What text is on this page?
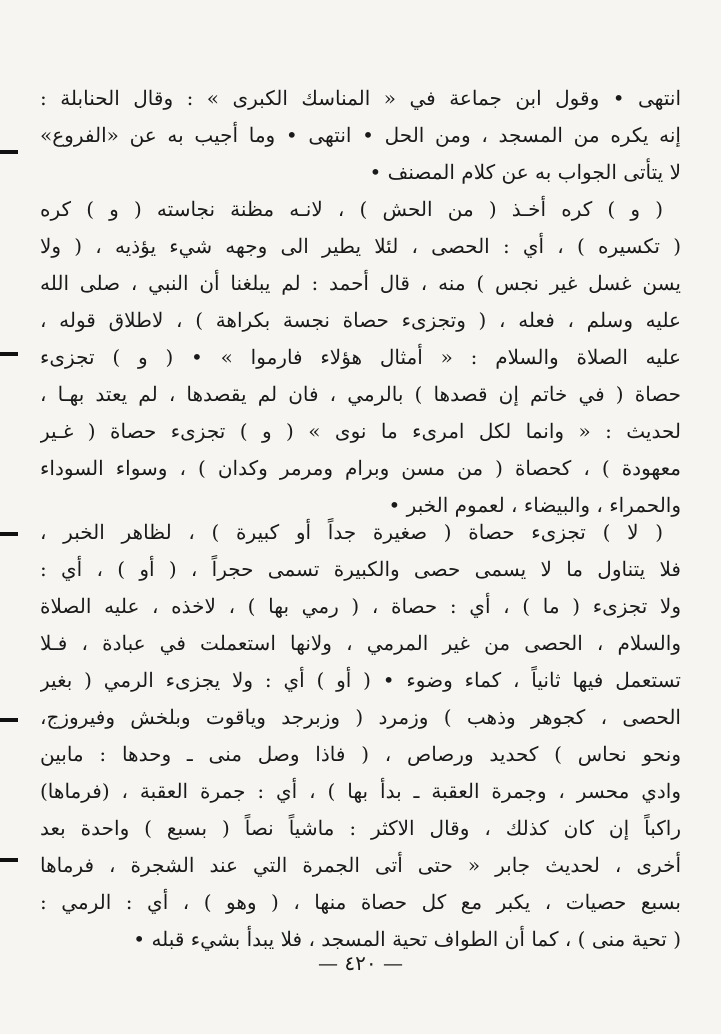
انتهى • وقول ابن جماعة في « المناسك الكبرى » : وقال الحنابلة :
إنه يكره من المسجد ، ومن الحل • انتهى • وما أجيب به عن «الفروع»
لا يتأتى الجواب به عن كلام المصنف •
( و ) كره أخـذ ( من الحش ) ، لانـه مظنة نجاسته ( و ) كره
( تكسيره ) ، أي : الحصى ، لئلا يطير الى وجهه شيء يؤذيه ، ( ولا
يسن غسل غير نجس ) منه ، قال أحمد : لم يبلغنا أن النبي ، صلى الله
عليه وسلم ، فعله ، ( وتجزىء حصاة نجسة بكراهة ) ، لاطلاق قوله ،
عليه الصلاة والسلام : « أمثال هؤلاء فارموا » • ( و ) تجزىء
حصاة ( في خاتم إن قصدها ) بالرمي ، فان لم يقصدها ، لم يعتد بهـا ،
لحديث : « وانما لكل امرىء ما نوى » ( و ) تجزىء حصاة ( غـير
معهودة ) ، كحصاة ( من مسن وبرام ومرمر وكدان ) ، وسواء السوداء
والحمراء ، والبيضاء ، لعموم الخبر •
( لا ) تجزىء حصاة ( صغيرة جداً أو كبيرة ) ، لظاهر الخبر ،
فلا يتناول ما لا يسمى حصى والكبيرة تسمى حجراً ، ( أو ) ، أي :
ولا تجزىء ( ما ) ، أي : حصاة ، ( رمي بها ) ، لاخذه ، عليه الصلاة
والسلام ، الحصى من غير المرمي ، ولانها استعملت في عبادة ، فـلا
تستعمل فيها ثانياً ، كماء وضوء • ( أو ) أي : ولا يجزىء الرمي ( بغير
الحصى ، كجوهر وذهب ) وزمرد ( وزبرجد وياقوت وبلخش وفيروزج،
ونحو نحاس ) كحديد ورصاص ، ( فاذا وصل منى ـ وحدها : مابين
وادي محسر ، وجمرة العقبة ـ بدأ بها ) ، أي : جمرة العقبة ، (فرماها)
راكباً إن كان كذلك ، وقال الاكثر : ماشياً نصاً ( بسبع ) واحدة بعد
أخرى ، لحديث جابر « حتى أتى الجمرة التي عند الشجرة ، فرماها
بسبع حصيات ، يكبر مع كل حصاة منها ، ( وهو ) ، أي : الرمي :
( تحية منى ) ، كما أن الطواف تحية المسجد ، فلا يبدأ بشيء قبله •
— ٤٢٠ —
